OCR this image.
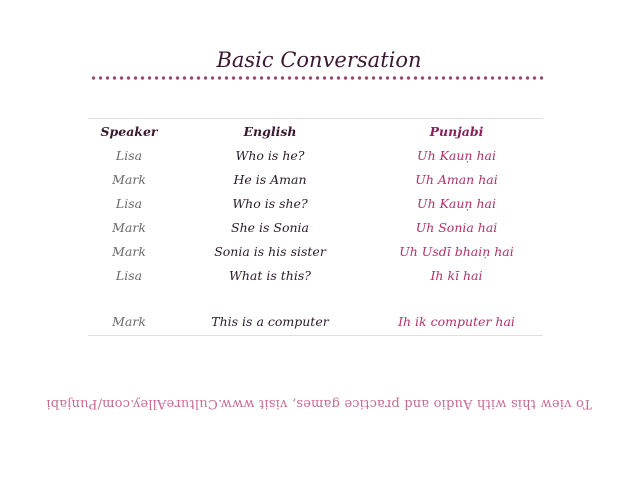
Basic Conversation
Speaker	English	Punjabi
Lisa	Who is he?	Uh Kauṇ hai
Mark	He is Aman	Uh Aman hai
Lisa	Who is she?	Uh Kauṇ hai
Mark	She is Sonia	Uh Sonia hai
Mark	Sonia is his sister	Uh Usdī bhaiṇ hai
Lisa	What is this?	Ih kī hai
Mark	This is a computer	Ih ik computer hai
To view this with Audio and practice games, visit www.CultureAlley.com/Punjabi
